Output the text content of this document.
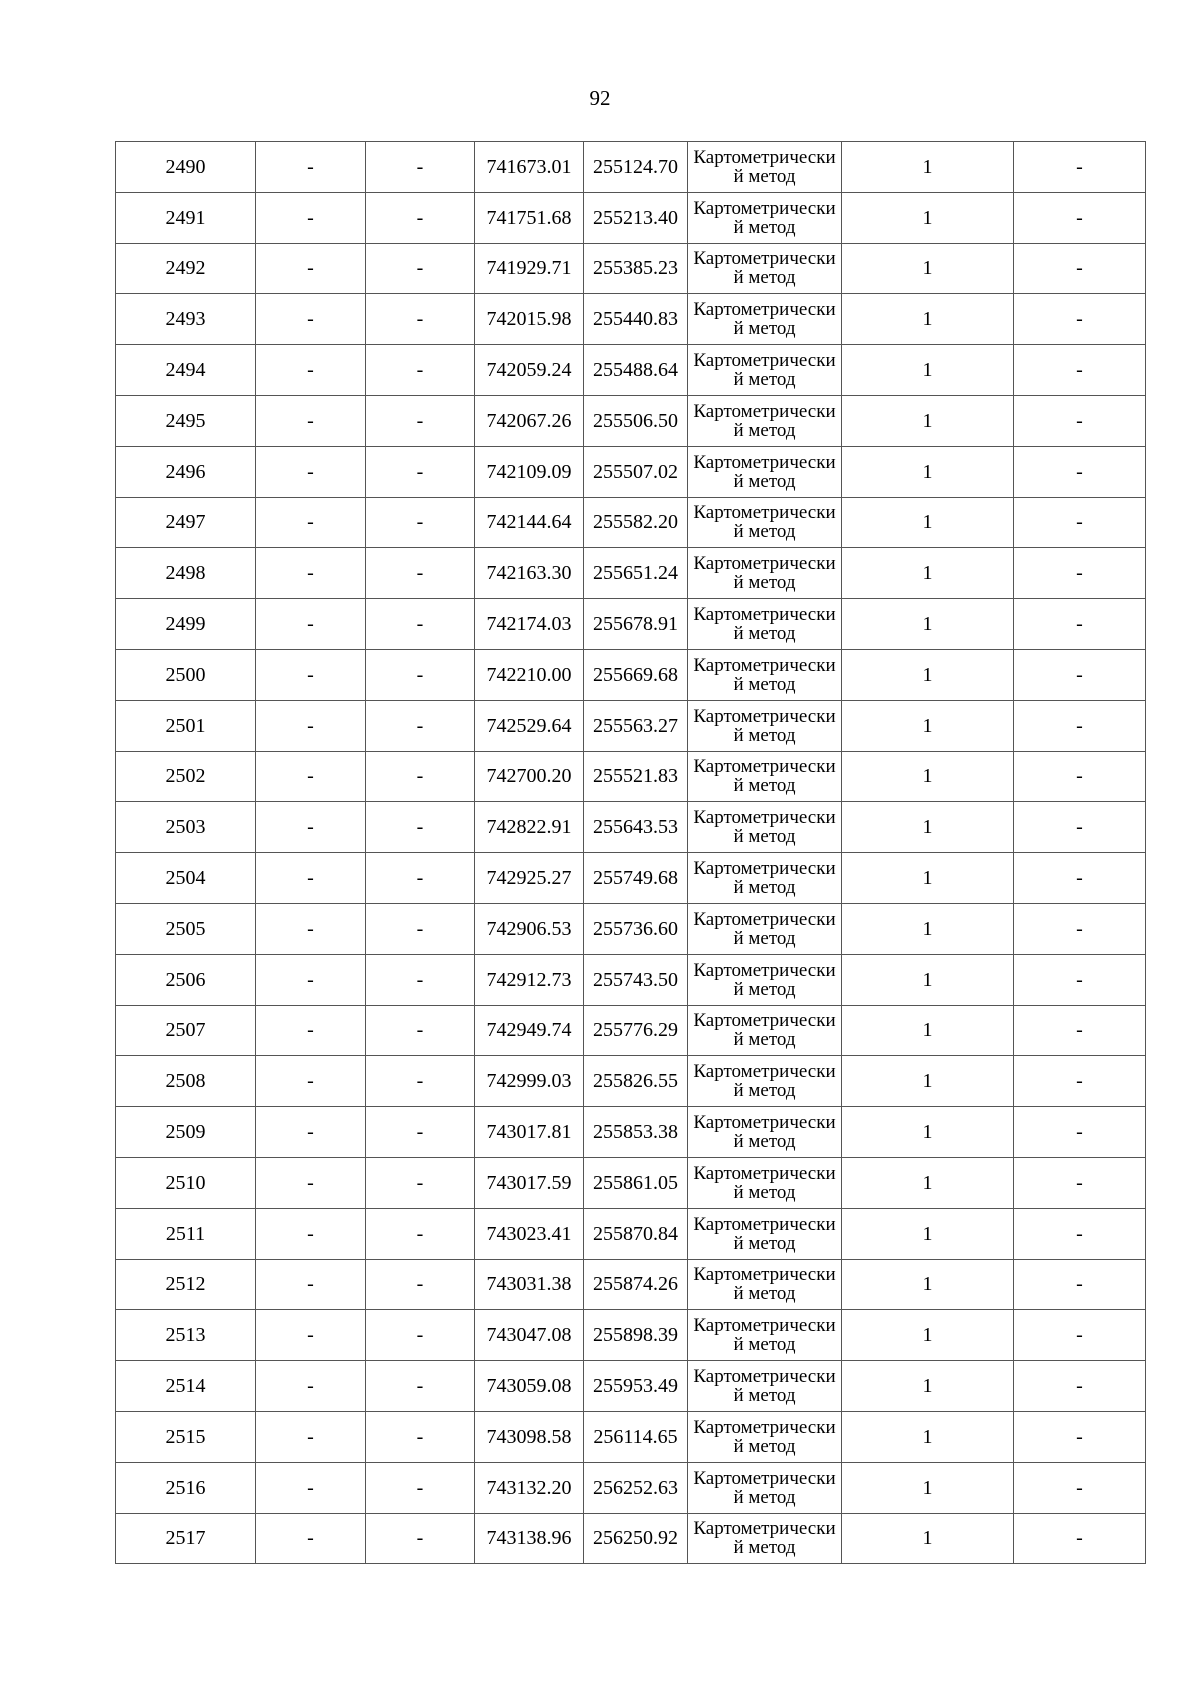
92
2490	-	-	741673.01	255124.70	Картометрический метод	1	-
2491	-	-	741751.68	255213.40	Картометрический метод	1	-
2492	-	-	741929.71	255385.23	Картометрический метод	1	-
2493	-	-	742015.98	255440.83	Картометрический метод	1	-
2494	-	-	742059.24	255488.64	Картометрический метод	1	-
2495	-	-	742067.26	255506.50	Картометрический метод	1	-
2496	-	-	742109.09	255507.02	Картометрический метод	1	-
2497	-	-	742144.64	255582.20	Картометрический метод	1	-
2498	-	-	742163.30	255651.24	Картометрический метод	1	-
2499	-	-	742174.03	255678.91	Картометрический метод	1	-
2500	-	-	742210.00	255669.68	Картометрический метод	1	-
2501	-	-	742529.64	255563.27	Картометрический метод	1	-
2502	-	-	742700.20	255521.83	Картометрический метод	1	-
2503	-	-	742822.91	255643.53	Картометрический метод	1	-
2504	-	-	742925.27	255749.68	Картометрический метод	1	-
2505	-	-	742906.53	255736.60	Картометрический метод	1	-
2506	-	-	742912.73	255743.50	Картометрический метод	1	-
2507	-	-	742949.74	255776.29	Картометрический метод	1	-
2508	-	-	742999.03	255826.55	Картометрический метод	1	-
2509	-	-	743017.81	255853.38	Картометрический метод	1	-
2510	-	-	743017.59	255861.05	Картометрический метод	1	-
2511	-	-	743023.41	255870.84	Картометрический метод	1	-
2512	-	-	743031.38	255874.26	Картометрический метод	1	-
2513	-	-	743047.08	255898.39	Картометрический метод	1	-
2514	-	-	743059.08	255953.49	Картометрический метод	1	-
2515	-	-	743098.58	256114.65	Картометрический метод	1	-
2516	-	-	743132.20	256252.63	Картометрический метод	1	-
2517	-	-	743138.96	256250.92	Картометрический метод	1	-
